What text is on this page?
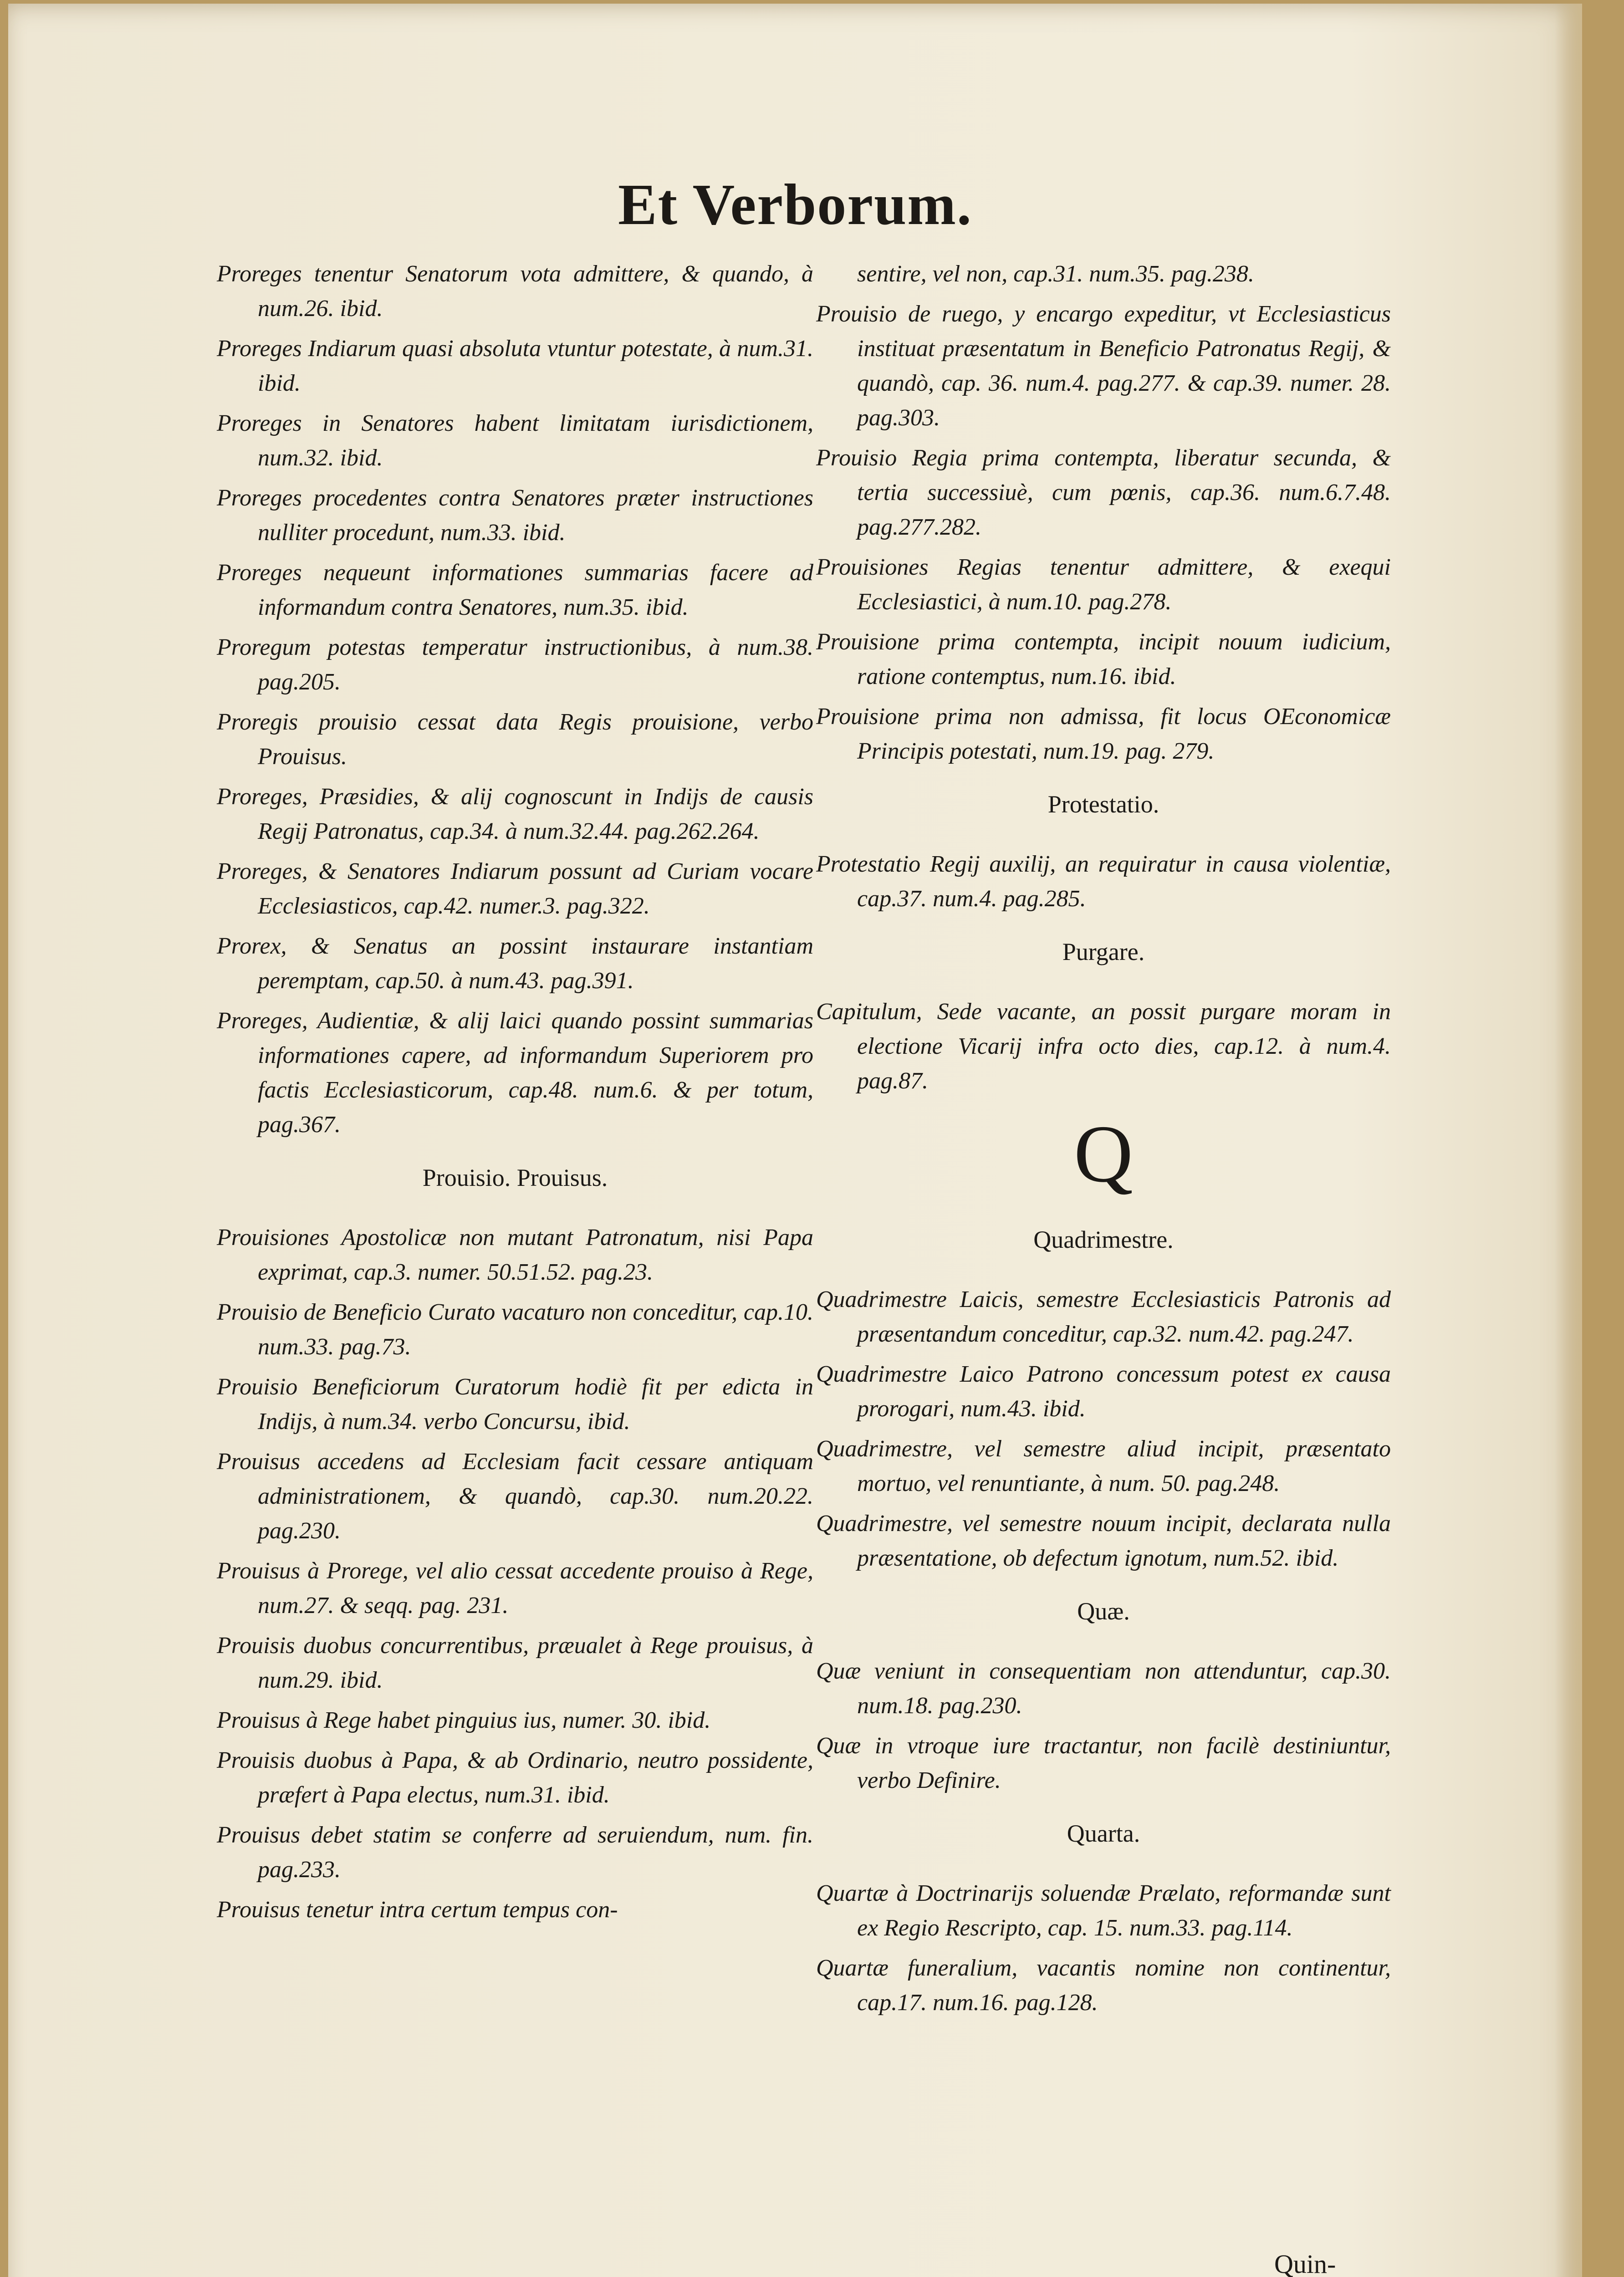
Et Verborum.
Proreges tenentur Senatorum vota admittere, & quando, à num.26. ibid.
Proreges Indiarum quasi absoluta vtuntur potestate, à num.31. ibid.
Proreges in Senatores habent limitatam iurisdictionem, num.32. ibid.
Proreges procedentes contra Senatores præter instructiones nulliter procedunt, num.33. ibid.
Proreges nequeunt informationes summarias facere ad informandum contra Senatores, num.35. ibid.
Proregum potestas temperatur instructionibus, à num.38. pag.205.
Proregis prouisio cessat data Regis prouisione, verbo Prouisus.
Proreges, Præsidies, & alij cognoscunt in Indijs de causis Regij Patronatus, cap.34. à num.32.44. pag.262.264.
Proreges, & Senatores Indiarum possunt ad Curiam vocare Ecclesiasticos, cap.42. numer.3. pag.322.
Prorex, & Senatus an possint instaurare instantiam peremptam, cap.50. à num.43. pag.391.
Proreges, Audientiæ, & alij laici quando possint summarias informationes capere, ad informandum Superiorem pro factis Ecclesiasticorum, cap.48. num.6. & per totum, pag.367.
Prouisio. Prouisus.
Prouisiones Apostolicæ non mutant Patronatum, nisi Papa exprimat, cap.3. numer. 50.51.52. pag.23.
Prouisio de Beneficio Curato vacaturo non conceditur, cap.10. num.33. pag.73.
Prouisio Beneficiorum Curatorum hodiè fit per edicta in Indijs, à num.34. verbo Concursu, ibid.
Prouisus accedens ad Ecclesiam facit cessare antiquam administrationem, & quandò, cap.30. num.20.22. pag.230.
Prouisus à Prorege, vel alio cessat accedente prouiso à Rege, num.27. & seqq. pag. 231.
Prouisis duobus concurrentibus, præualet à Rege prouisus, à num.29. ibid.
Prouisus à Rege habet pinguius ius, numer. 30. ibid.
Prouisis duobus à Papa, & ab Ordinario, neutro possidente, præfert à Papa electus, num.31. ibid.
Prouisus debet statim se conferre ad seruiendum, num. fin. pag.233.
Prouisus tenetur intra certum tempus con-
sentire, vel non, cap.31. num.35. pag.238.
Prouisio de ruego, y encargo expeditur, vt Ecclesiasticus instituat præsentatum in Beneficio Patronatus Regij, & quandò, cap. 36. num.4. pag.277. & cap.39. numer. 28. pag.303.
Prouisio Regia prima contempta, liberatur secunda, & tertia successiuè, cum pœnis, cap.36. num.6.7.48. pag.277.282.
Prouisiones Regias tenentur admittere, & exequi Ecclesiastici, à num.10. pag.278.
Prouisione prima contempta, incipit nouum iudicium, ratione contemptus, num.16. ibid.
Prouisione prima non admissa, fit locus OEconomicæ Principis potestati, num.19. pag. 279.
Protestatio.
Protestatio Regij auxilij, an requiratur in causa violentiæ, cap.37. num.4. pag.285.
Purgare.
Capitulum, Sede vacante, an possit purgare moram in electione Vicarij infra octo dies, cap.12. à num.4. pag.87.
Q
Quadrimestre.
Quadrimestre Laicis, semestre Ecclesiasticis Patronis ad præsentandum conceditur, cap.32. num.42. pag.247.
Quadrimestre Laico Patrono concessum potest ex causa prorogari, num.43. ibid.
Quadrimestre, vel semestre aliud incipit, præsentato mortuo, vel renuntiante, à num. 50. pag.248.
Quadrimestre, vel semestre nouum incipit, declarata nulla præsentatione, ob defectum ignotum, num.52. ibid.
Quæ.
Quæ veniunt in consequentiam non attenduntur, cap.30. num.18. pag.230.
Quæ in vtroque iure tractantur, non facilè destiniuntur, verbo Definire.
Quarta.
Quartæ à Doctrinarijs soluendæ Prælato, reformandæ sunt ex Regio Rescripto, cap. 15. num.33. pag.114.
Quartæ funeralium, vacantis nomine non continentur, cap.17. num.16. pag.128.
Quin-
